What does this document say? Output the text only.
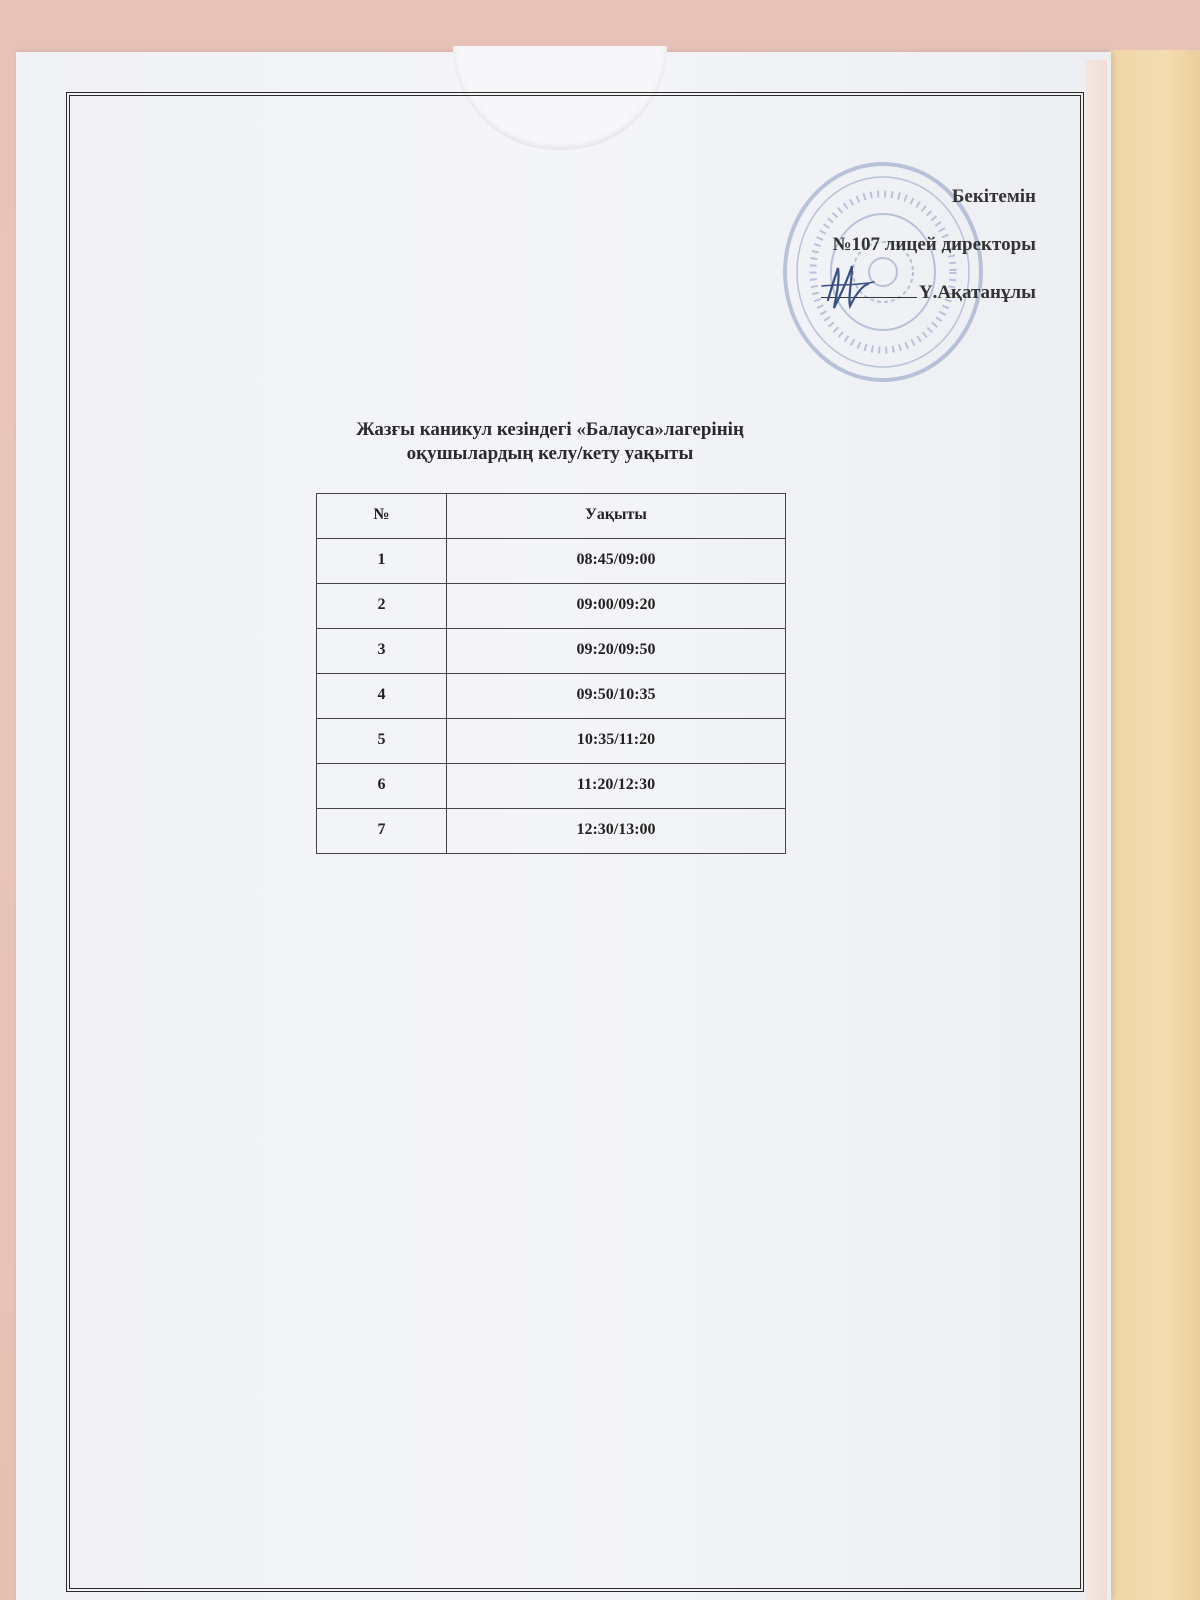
Бекітемін
№107 лицей директоры
Ү.Ақатанұлы
Жазғы каникул кезіндегі «Балауса»лагерінің
оқушылардың келу/кету уақыты
№	Уақыты
1	08:45/09:00
2	09:00/09:20
3	09:20/09:50
4	09:50/10:35
5	10:35/11:20
6	11:20/12:30
7	12:30/13:00
